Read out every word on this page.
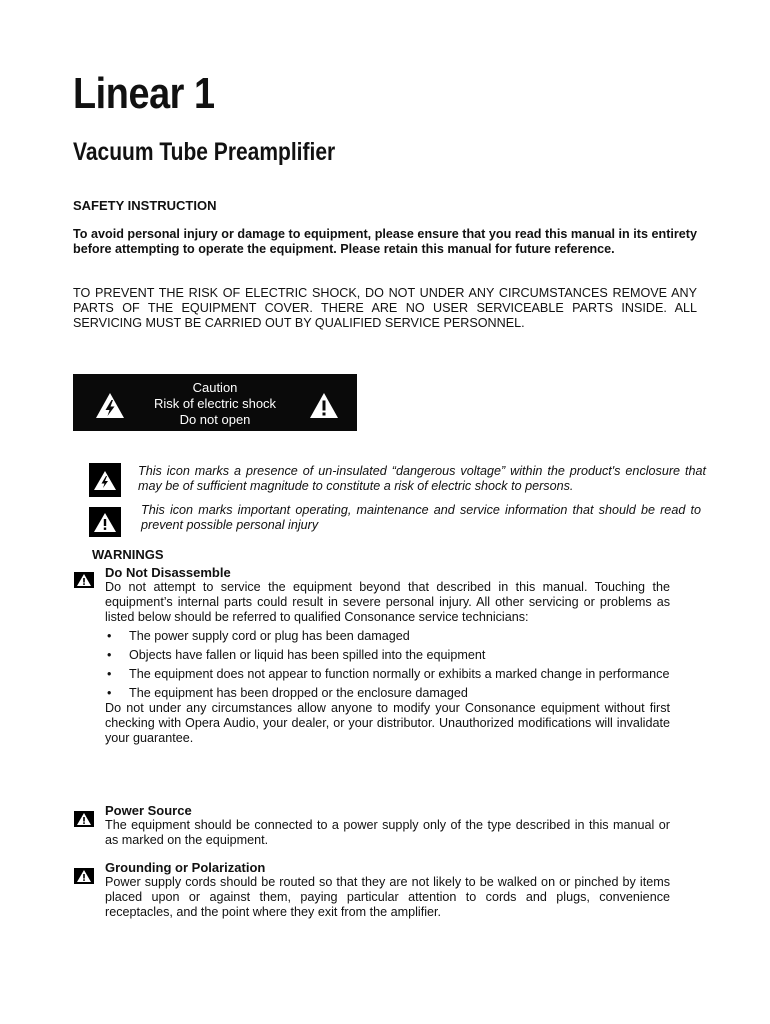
Linear 1
Vacuum Tube Preamplifier
SAFETY INSTRUCTION

To avoid personal injury or damage to equipment, please ensure that you read this manual in its entirety before attempting to operate the equipment. Please retain this manual for future reference.

TO PREVENT THE RISK OF ELECTRIC SHOCK, DO NOT UNDER ANY CIRCUMSTANCES REMOVE ANY PARTS OF THE EQUIPMENT COVER. THERE ARE NO USER SERVICEABLE PARTS INSIDE. ALL SERVICING MUST BE CARRIED OUT BY QUALIFIED SERVICE PERSONNEL.

Caution
Risk of electric shock
Do not open

This icon marks a presence of un-insulated “dangerous voltage” within the product's enclosure that may be of sufficient magnitude to constitute a risk of electric shock to persons.

This icon marks important operating, maintenance and service information that should be read to prevent possible personal injury

WARNINGS
Do Not Disassemble

Do not attempt to service the equipment beyond that described in this manual. Touching the equipment’s internal parts could result in severe personal injury. All other servicing or problems as listed below should be referred to qualified Consonance service technicians:

• The power supply cord or plug has been damaged
• Objects have fallen or liquid has been spilled into the equipment
• The equipment does not appear to function normally or exhibits a marked change in performance
• The equipment has been dropped or the enclosure damaged

Do not under any circumstances allow anyone to modify your Consonance equipment without first checking with Opera Audio, your dealer, or your distributor. Unauthorized modifications will invalidate your guarantee.

Power Source

The equipment should be connected to a power supply only of the type described in this manual or as marked on the equipment.

Grounding or Polarization

Power supply cords should be routed so that they are not likely to be walked on or pinched by items placed upon or against them, paying particular attention to cords and plugs, convenience receptacles, and the point where they exit from the amplifier.
